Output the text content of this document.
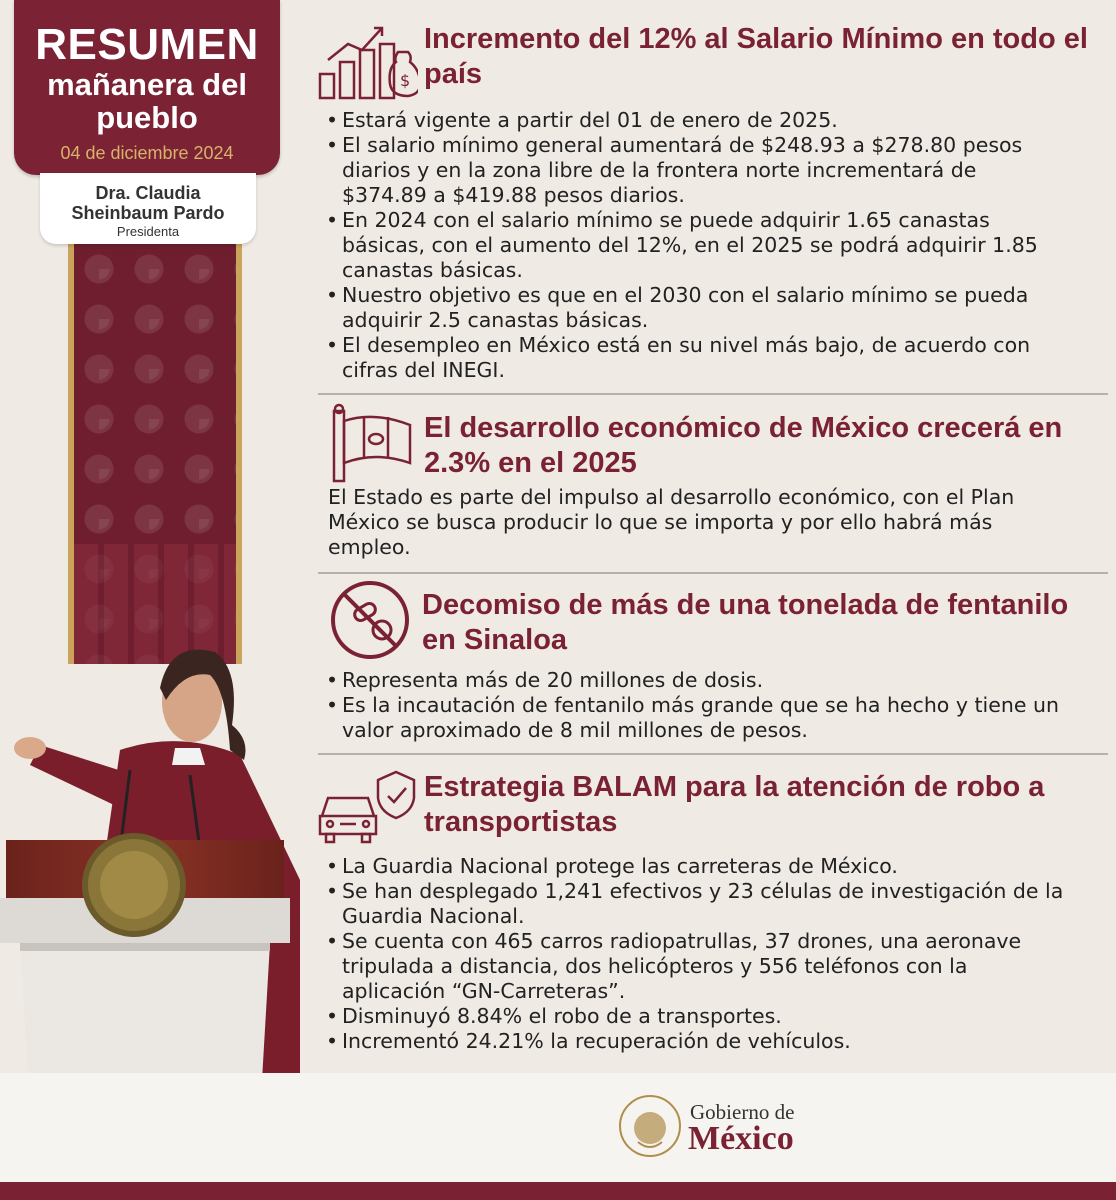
RESUMEN
mañanera del
pueblo
04 de diciembre 2024
Dra. Claudia
Sheinbaum Pardo
Presidenta
$
Incremento del 12% al Salario Mínimo en todo el país
• Estará vigente a partir del 01 de enero de 2025.
• El salario mínimo general aumentará de $248.93 a $278.80 pesos diarios y en la zona libre de la frontera norte incrementará de $374.89 a $419.88 pesos diarios.
• En 2024 con el salario mínimo se puede adquirir 1.65 canastas básicas, con el aumento del 12%, en el 2025 se podrá adquirir 1.85 canastas básicas.
• Nuestro objetivo es que en el 2030 con el salario mínimo se pueda adquirir 2.5 canastas básicas.
• El desempleo en México está en su nivel más bajo, de acuerdo con cifras del INEGI.
El desarrollo económico de México crecerá en 2.3% en el 2025
El Estado es parte del impulso al desarrollo económico, con el Plan México se busca producir lo que se importa y por ello habrá más empleo.
Decomiso de más de una tonelada de fentanilo en Sinaloa
• Representa más de 20 millones de dosis.
• Es la incautación de fentanilo más grande que se ha hecho y tiene un valor aproximado de 8 mil millones de pesos.
Estrategia BALAM para la atención de robo a transportistas
• La Guardia Nacional protege las carreteras de México.
• Se han desplegado 1,241 efectivos y 23 células de investigación de la Guardia Nacional.
• Se cuenta con 465 carros radiopatrullas, 37 drones, una aeronave tripulada a distancia, dos helicópteros y 556 teléfonos con la aplicación “GN-Carreteras”.
• Disminuyó 8.84% el robo de a transportes.
• Incrementó 24.21% la recuperación de vehículos.
Gobierno de
México
